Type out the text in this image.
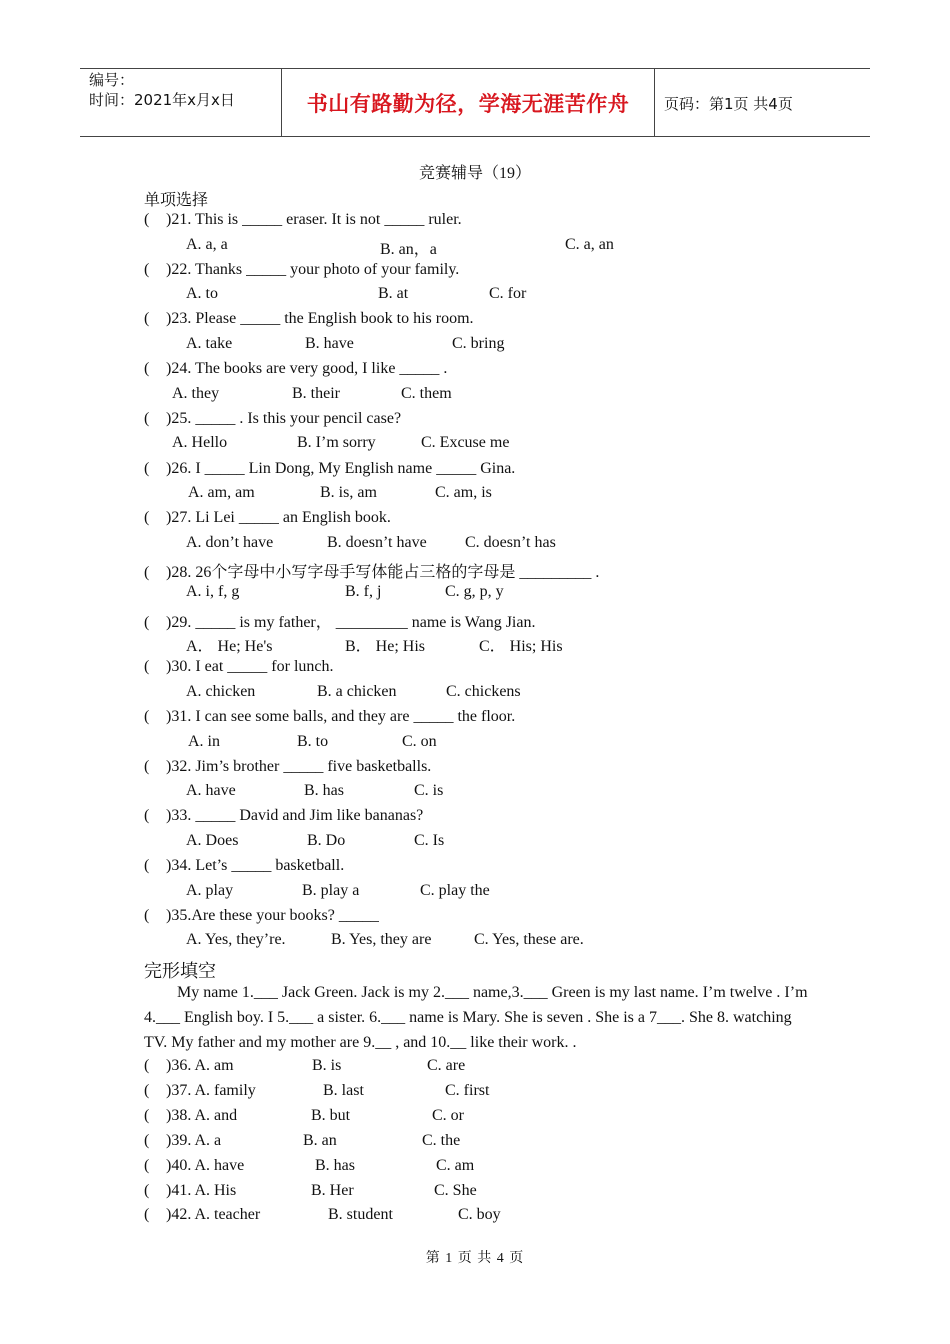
编号：
时间：2021年x月x日	书山有路勤为径，学海无涯苦作舟	页码：第1页 共4页
竞赛辅导（19）
单项选择
( )21. This is _____ eraser. It is not _____ ruler.
A. a, a	B. an，a	C. a, an
( )22. Thanks _____ your photo of your family.
A. to	B. at	C. for
( )23. Please _____ the English book to his room.
A. take	B. have	C. bring
( )24. The books are very good, I like _____ .
A. they	B. their	C. them
( )25. _____ . Is this your pencil case?
A. Hello	B. I’m sorry	C. Excuse me
( )26. I _____ Lin Dong, My English name _____ Gina.
A. am, am	B. is, am	C. am, is
( )27. Li Lei _____ an English book.
A. don’t have	B. doesn’t have C. doesn’t has
( )28. 26个字母中小写字母手写体能占三格的字母是 _________ .
A. i, f, g	B. f, j	C. g, p, y
( )29. _____ is my father， _________ name is Wang Jian.
A． He; He's	B． He; His	C． His; His
( )30. I eat _____ for lunch.
A. chicken	B. a chicken	C. chickens
( )31. I can see some balls, and they are _____ the floor.
A. in	B. to	C. on
( )32. Jim’s brother _____ five basketballs.
A. have	B. has	C. is
( )33. _____ David and Jim like bananas?
A. Does	B. Do	C. Is
( )34. Let’s _____ basketball.
A. play	B. play a	C. play the
( )35.Are these your books? _____
A. Yes, they’re.	B. Yes, they are	C. Yes, these are.
完形填空
My name 1.___ Jack Green. Jack is my 2.___ name,3.___ Green is my last name. I’m twelve . I’m 4.___ English boy. I 5.___ a sister. 6.___ name is Mary. She is seven . She is a 7___. She 8. watching TV. My father and my mother are 9.__ , and 10.__ like their work. .
( )36. A. am	B. is	C. are
( )37. A. family	B. last	C. first
( )38. A. and	B. but	C. or
( )39. A. a	B. an	C. the
( )40. A. have	B. has	C. am
( )41. A. His	B. Her	C. She
( )42. A. teacher	B. student	C. boy
第 1 页 共 4 页
